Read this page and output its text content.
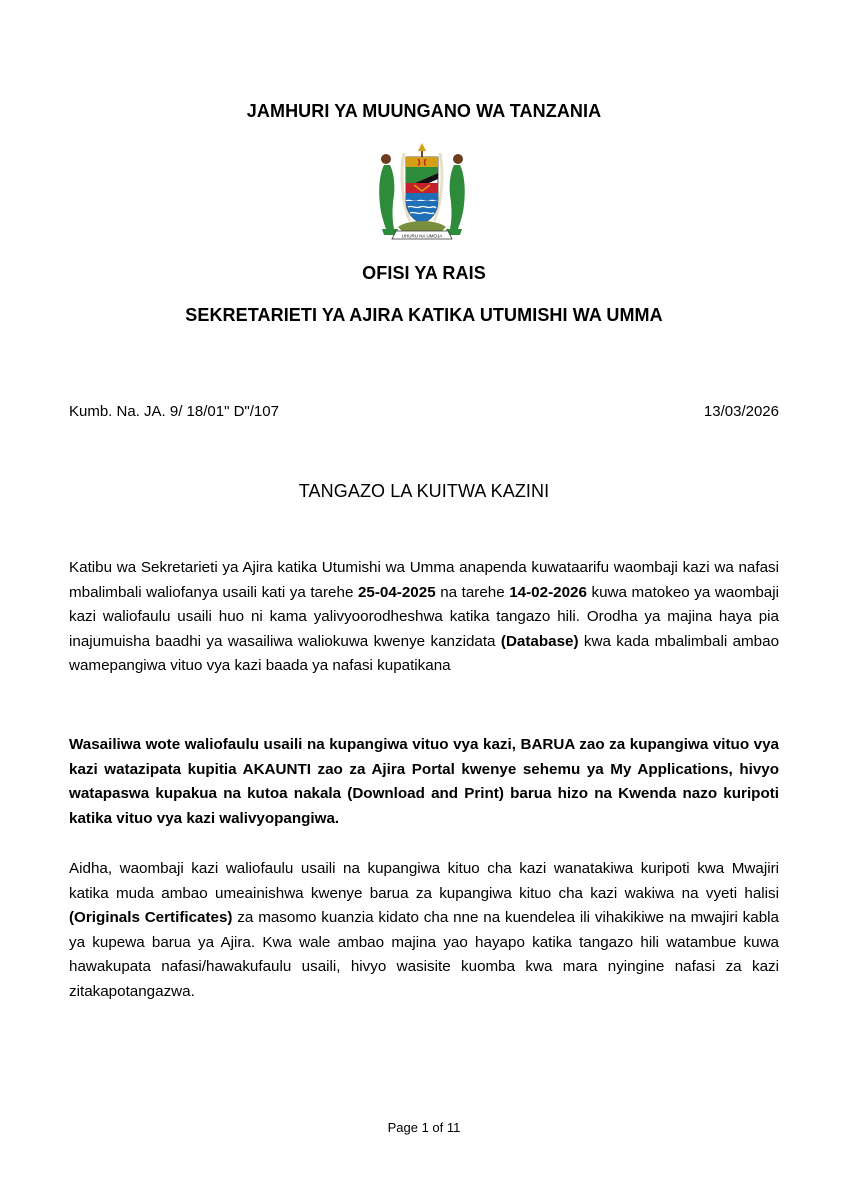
JAMHURI YA MUUNGANO WA TANZANIA
UHURU NA UMOJA
OFISI YA RAIS
SEKRETARIETI YA AJIRA KATIKA UTUMISHI WA UMMA
Kumb. Na. JA. 9/ 18/01" D"/107	13/03/2026
TANGAZO LA KUITWA KAZINI
Katibu wa Sekretarieti ya Ajira katika Utumishi wa Umma anapenda kuwataarifu waombaji kazi wa nafasi mbalimbali waliofanya usaili kati ya tarehe 25-04-2025 na tarehe 14-02-2026 kuwa matokeo ya waombaji kazi waliofaulu usaili huo ni kama yalivyoorodheshwa katika tangazo hili. Orodha ya majina haya pia inajumuisha baadhi ya wasailiwa waliokuwa kwenye kanzidata (Database) kwa kada mbalimbali ambao wamepangiwa vituo vya kazi baada ya nafasi kupatikana
Wasailiwa wote waliofaulu usaili na kupangiwa vituo vya kazi, BARUA zao za kupangiwa vituo vya kazi watazipata kupitia AKAUNTI zao za Ajira Portal kwenye sehemu ya My Applications, hivyo watapaswa kupakua na kutoa nakala (Download and Print) barua hizo na Kwenda nazo kuripoti katika vituo vya kazi walivyopangiwa.
Aidha, waombaji kazi waliofaulu usaili na kupangiwa kituo cha kazi wanatakiwa kuripoti kwa Mwajiri katika muda ambao umeainishwa kwenye barua za kupangiwa kituo cha kazi wakiwa na vyeti halisi (Originals Certificates) za masomo kuanzia kidato cha nne na kuendelea ili vihakikiwe na mwajiri kabla ya kupewa barua ya Ajira. Kwa wale ambao majina yao hayapo katika tangazo hili watambue kuwa hawakupata nafasi/hawakufaulu usaili, hivyo wasisite kuomba kwa mara nyingine nafasi za kazi zitakapotangazwa.
Page 1 of 11
